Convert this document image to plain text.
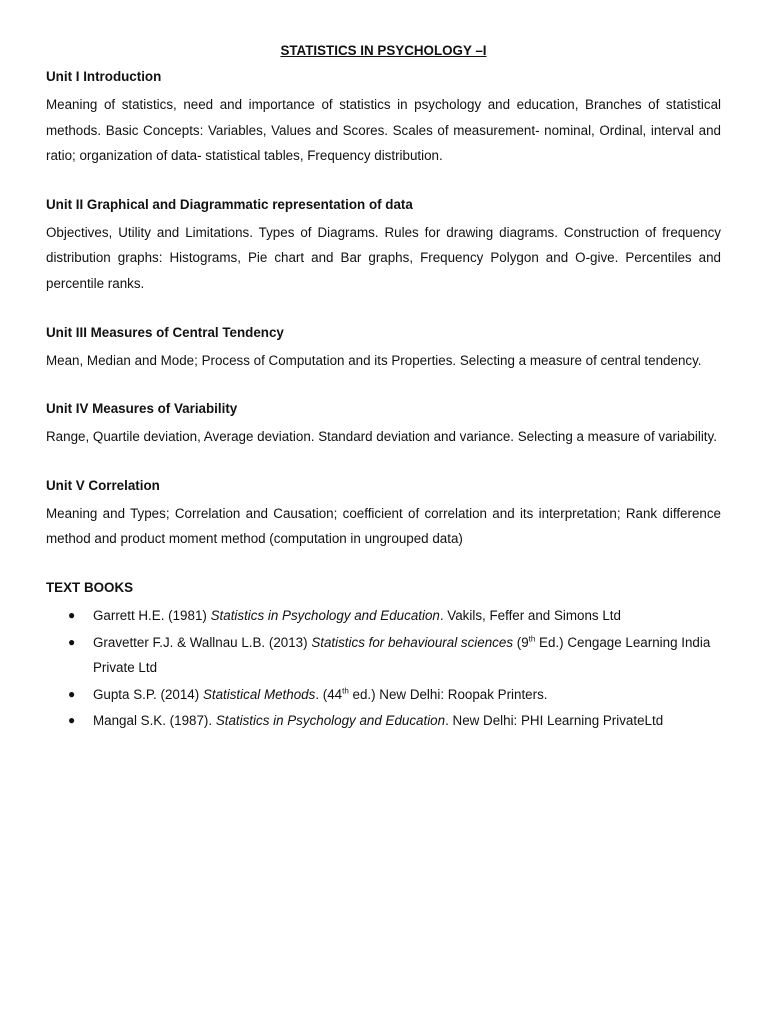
STATISTICS IN PSYCHOLOGY –I
Unit I Introduction

Meaning of statistics, need and importance of statistics in psychology and education, Branches of statistical methods. Basic Concepts: Variables, Values and Scores. Scales of measurement- nominal, Ordinal, interval and ratio; organization of data- statistical tables, Frequency distribution.

Unit II Graphical and Diagrammatic representation of data

Objectives, Utility and Limitations. Types of Diagrams. Rules for drawing diagrams. Construction of frequency distribution graphs: Histograms, Pie chart and Bar graphs, Frequency Polygon and O-give. Percentiles and percentile ranks.

Unit III Measures of Central Tendency

Mean, Median and Mode; Process of Computation and its Properties. Selecting a measure of central tendency.

Unit IV Measures of Variability

Range, Quartile deviation, Average deviation. Standard deviation and variance. Selecting a measure of variability.

Unit V Correlation

Meaning and Types; Correlation and Causation; coefficient of correlation and its interpretation; Rank difference method and product moment method (computation in ungrouped data)

TEXT BOOKS
● Garrett H.E. (1981) Statistics in Psychology and Education. Vakils, Feffer and Simons Ltd
● Gravetter F.J. & Wallnau L.B. (2013) Statistics for behavioural sciences (9th Ed.) Cengage Learning India Private Ltd
● Gupta S.P. (2014) Statistical Methods. (44th ed.) New Delhi: Roopak Printers.
● Mangal S.K. (1987). Statistics in Psychology and Education. New Delhi: PHI Learning PrivateLtd
